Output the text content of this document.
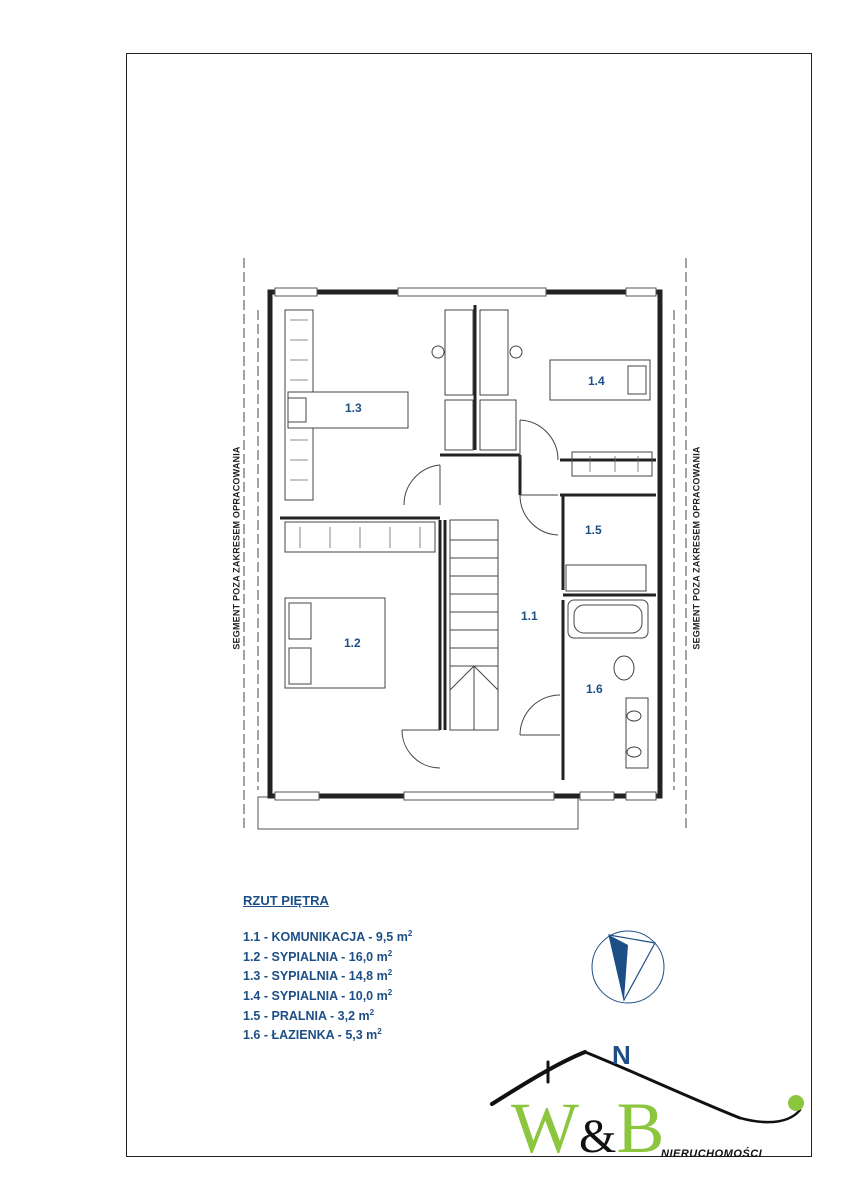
1.1
1.2
1.3
1.4
1.5
1.6
SEGMENT POZA ZAKRESEM OPRACOWANIA	SEGMENT POZA ZAKRESEM OPRACOWANIA
RZUT PIĘTRA
1.1 - KOMUNIKACJA - 9,5 $m^2$
1.2 - SYPIALNIA - 16,0 $m^2$
1.3 - SYPIALNIA - 14,8 $m^2$
1.4 - SYPIALNIA - 10,0 $m^2$
1.5 - PRALNIA - 3,2 $m^2$
1.6 - ŁAZIENKA - 5,3 $m^2$
N
W&B
NIERUCHOMOŚCI
